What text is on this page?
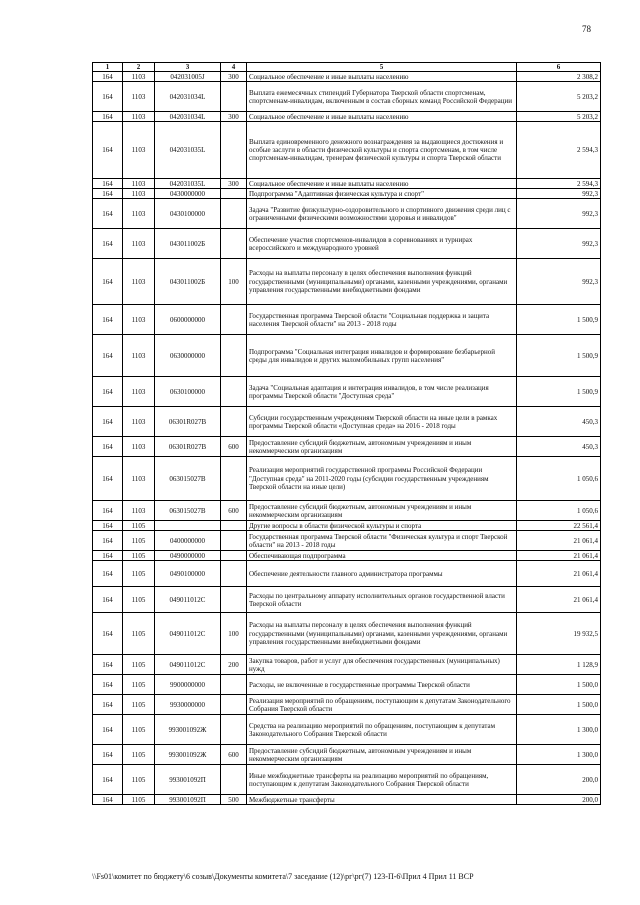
78
1	2	3	4	5	6
164	1103	042031005J	300	Социальное обеспечение и иные выплаты населению	2 308,2
164	1103	042031034L		Выплата ежемесячных стипендий Губернатора Тверской области спортсменам, спортсменам-инвалидам, включенным в состав сборных команд Российской Федерации	5 203,2
164	1103	042031034L	300	Социальное обеспечение и иные выплаты населению	5 203,2
164	1103	042031035L		Выплата единовременного денежного вознаграждения за выдающиеся достижения и особые заслуги в области физической культуры и спорта спортсменам, в том числе спортсменам-инвалидам, тренерам физической культуры и спорта Тверской области	2 594,3
164	1103	042031035L	300	Социальное обеспечение и иные выплаты населению	2 594,3
164	1103	0430000000		Подпрограмма "Адаптивная физическая культура и спорт"	992,3
164	1103	0430100000		Задача "Развитие физкультурно-оздоровительного и спортивного движения среди лиц с ограниченными физическими возможностями здоровья и инвалидов"	992,3
164	1103	043011002Б		Обеспечение участия спортсменов-инвалидов в соревнованиях и турнирах всероссийского и международного уровней	992,3
164	1103	043011002Б	100	Расходы на выплаты персоналу в целях обеспечения выполнения функций государственными (муниципальными) органами, казенными учреждениями, органами управления государственными внебюджетными фондами	992,3
164	1103	0600000000		Государственная программа Тверской области "Социальная поддержка и защита населения Тверской области" на 2013 - 2018 годы	1 500,9
164	1103	0630000000		Подпрограмма "Социальная интеграция инвалидов и формирование безбарьерной среды для инвалидов и других маломобильных групп населения"	1 500,9
164	1103	0630100000		Задача "Социальная адаптация и интеграция инвалидов, в том числе реализация программы Тверской области "Доступная среда"	1 500,9
164	1103	06301R027В		Субсидии государственным учреждениям Тверской области на иные цели в рамках программы Тверской области «Доступная среда» на 2016 - 2018 годы	450,3
164	1103	06301R027В	600	Предоставление субсидий бюджетным, автономным учреждениям и иным некоммерческим организациям	450,3
164	1103	063015027В		Реализация мероприятий государственной программы Российской Федерации "Доступная среда" на 2011-2020 годы (субсидии государственным учреждениям Тверской области на иные цели)	1 050,6
164	1103	063015027В	600	Предоставление субсидий бюджетным, автономным учреждениям и иным некоммерческим организациям	1 050,6
164	1105			Другие вопросы в области физической культуры и спорта	22 561,4
164	1105	0400000000		Государственная программа Тверской области "Физическая культура и спорт Тверской области" на 2013 - 2018 годы	21 061,4
164	1105	0490000000		Обеспечивающая подпрограмма	21 061,4
164	1105	0490100000		Обеспечение деятельности главного администратора программы	21 061,4
164	1105	049011012С		Расходы по центральному аппарату исполнительных органов государственной власти Тверской области	21 061,4
164	1105	049011012С	100	Расходы на выплаты персоналу в целях обеспечения выполнения функций государственными (муниципальными) органами, казенными учреждениями, органами управления государственными внебюджетными фондами	19 932,5
164	1105	049011012С	200	Закупка товаров, работ и услуг для обеспечения государственных (муниципальных) нужд	1 128,9
164	1105	9900000000		Расходы, не включенные в государственные программы Тверской области	1 500,0
164	1105	9930000000		Реализация мероприятий по обращениям, поступающим к депутатам Законодательного Собрания Тверской области	1 500,0
164	1105	993001092Ж		Средства на реализацию мероприятий по обращениям, поступающим к депутатам Законодательного Собрания Тверской области	1 300,0
164	1105	993001092Ж	600	Предоставление субсидий бюджетным, автономным учреждениям и иным некоммерческим организациям	1 300,0
164	1105	993001092П		Иные межбюджетные трансферты на реализацию мероприятий по обращениям, поступающим к депутатам Законодательного Собрания Тверской области	200,0
164	1105	993001092П	500	Межбюджетные трансферты	200,0
\\Fs01\комитет по бюджету\6 созыв\Документы комитета\7 заседание (12)\рг\рг(7) 123-П-6\Прил 4 Прил 11 ВСР
